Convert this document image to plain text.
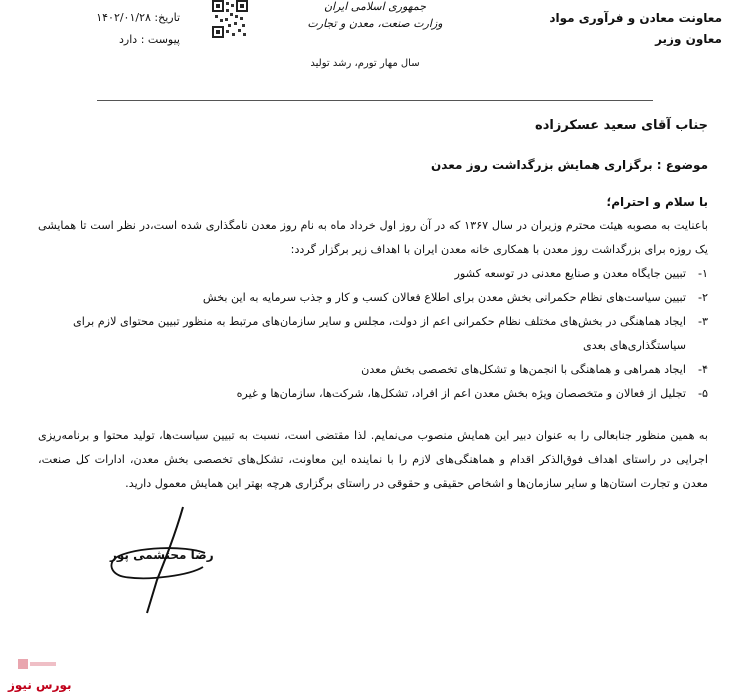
معاونت معادن و فرآوری مواد
معاون وزیر
جمهوری اسلامی ایران
وزارت صنعت، معدن و تجارت
سال مهار تورم، رشد تولید
تاریخ: ۱۴۰۲/۰۱/۲۸
پیوست : دارد
جناب آقای سعید عسکرزاده
موضوع : برگزاری همایش بزرگداشت روز معدن
با سلام و احترام؛

باعنایت به مصوبه هیئت محترم وزیران در سال ۱۳۶۷ که در آن روز اول خرداد ماه به نام روز معدن نامگذاری شده است،در نظر است تا همایشی یک روزه برای بزرگداشت روز معدن با همکاری خانه معدن ایران با اهداف زیر برگزار گردد:

۱-
تبیین جایگاه معدن و صنایع معدنی در توسعه کشور
۲-
تبیین سیاست‌های نظام حکمرانی بخش معدن برای اطلاع فعالان کسب و کار و جذب سرمایه به این بخش
۳-
ایجاد هماهنگی در بخش‌های مختلف نظام حکمرانی اعم از دولت، مجلس و سایر سازمان‌های مرتبط به منظور تبیین محتوای لازم برای سیاستگذاری‌های بعدی
۴-
ایجاد همراهی و هماهنگی با انجمن‌ها و تشکل‌های تخصصی بخش معدن
۵-
تجلیل از فعالان و متخصصان ویژه بخش معدن اعم از افراد، تشکل‌ها، شرکت‌ها، سازمان‌ها و غیره

به همین منظور جنابعالی را به عنوان دبیر این همایش منصوب می‌نمایم. لذا مقتضی است، نسبت به تبیین سیاست‌ها، تولید محتوا و برنامه‌ریزی اجرایی در راستای اهداف فوق‌الذکر اقدام و هماهنگی‌های لازم را با نماینده این معاونت، تشکل‌های تخصصی بخش معدن، ادارات کل صنعت، معدن و تجارت استان‌ها و سایر سازمان‌ها و اشخاص حقیقی و حقوقی در راستای برگزاری هرچه بهتر این همایش معمول دارید.

رضا محتشمی پور
بورس نیوز
